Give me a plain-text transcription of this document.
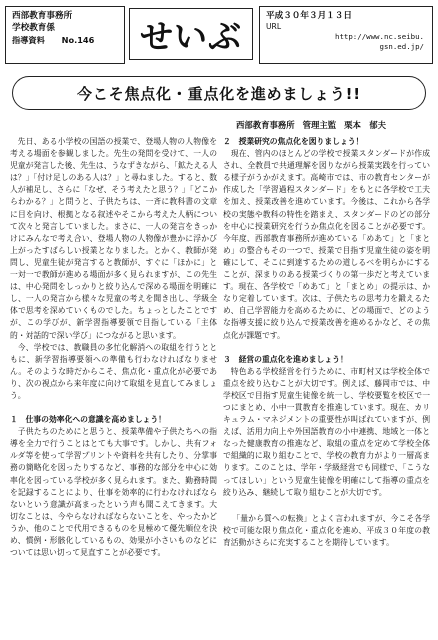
西部教育事務所
学校教育係
指導資料 No.146	せいぶ
平成３０年３月１３日
URL
http://www.nc.seibu.
gsn.ed.jp/
今こそ焦点化・重点化を進めましょう!!
西部教育事務所 管理主監 栗本　郁夫

先日、ある小学校の国語の授業で、登場人物の人物像を考える場面を参観しました。先生の発問を受けて、一人の児童が発言した後、先生は、うなずきながら、「鉱たえる人は？」「付け足しのある人は？」と尋ねました。すると、数人が補足し、さらに「なぜ、そう考えたと思う？」「どこからわかる？」と問うと、子供たちは、一斉に教科書の文章に目を向け、根拠となる叙述やそこから考えた人柄について次々と発言していました。まさに、一人の発言をきっかけにみんなで考え合い、登場人物の人物像が豊かに浮かび上がったすばらしい授業となりました。とかく、教師が発問し、児童生徒が発言すると教師が、すぐに「ほかに」と一対一で教師が進める場面が多く見られますが、この先生は、中心発問をしっかりと絞り込んで深める場面を明確にし、一人の発言から様々な児童の考えを聞き出し、学級全体で思考を深めていくものでした。ちょっとしたことですが、この学びが、新学習指導要領で目指している「主体的・対話的で深い学び」につながると思います。

今、学校では、教職員の多忙化解消への取組を行うとともに、新学習指導要領への準備も行わなければなりません。そのような時だからこそ、焦点化・重点化が必要であり、次の視点から来年度に向けて取組を見直してみましょう。

１　仕事の効率化への意識を高めましょう！

子供たちのためにと思うと、授業準備や子供たちへの指導を全力で行うことはとても大事です。しかし、共有フォルダ等を使って学習プリントや資料を共有したり、分掌事務の簡略化を図ったりするなど、事務的な部分を中心に効率化を図っている学校が多く見られます。また、勤務時間を記録することにより、仕事を効率的に行わなければならないという意識が高まったという声も聞こえてきます。大切なことは、今やらなければならないことを、やったかどうか、他のことで代用できるものを見極めて優先順位を決め、慣例・形骸化しているもの、効果が小さいものなどについては思い切って見直すことが必要です。

２　授業研究の焦点化を図りましょう！

現在、管内のほとんどの学校で授業スタンダードが作成され、全教員で共通理解を図りながら授業実践を行っている様子がうかがえます。高崎市では、市の教育センターが作成した「学習過程スタンダード」をもとに各学校で工夫を加え、授業改善を進めています。今後は、これから各学校の実態や教科の特性を踏まえ、スタンダードのどの部分を中心に授業研究を行うか焦点化を図ることが必要です。今年度、西部教育事務所が進めている「めあて」と「まとめ」の整合もその一つで、授業で目指す児童生徒の姿を明確にして、そこに到達するための道しるべを明らかにすることが、深まりのある授業づくりの第一歩だと考えています。現在、各学校で「めあて」と「まとめ」の提示は、かなり定着しています。次は、子供たちの思考力を鍛えるため、自己学習能力を高めるために、どの場面で、どのような指導支援に絞り込んで授業改善を進めるかなど、その焦点化が課題です。

３　経営の重点化を進めましょう！

特色ある学校経営を行うために、市町村又は学校全体で重点を絞り込むことが大切です。例えば、藤岡市では、中学校区で目指す児童生徒像を統一し、学校要覧を校区で一つにまとめ、小中一貫教育を推進しています。現在、カリキュラム・マネジメントの重要性が叫ばれていますが、例えば、活用力向上や外国語教育の小中連携、地域と一体となった健康教育の推進など、取組の重点を定めて学校全体で組織的に取り組むことで、学校の教育力がより一層高まります。このことは、学年・学級経営でも同様で、「こうなってほしい」という児童生徒像を明確にして指導の重点を絞り込み、継続して取り組むことが大切です。

「量から質への転換」とよく言われますが、今こそ各学校で可能な限り焦点化・重点化を進め、平成３０年度の教育活動がさらに充実することを期待しています。
